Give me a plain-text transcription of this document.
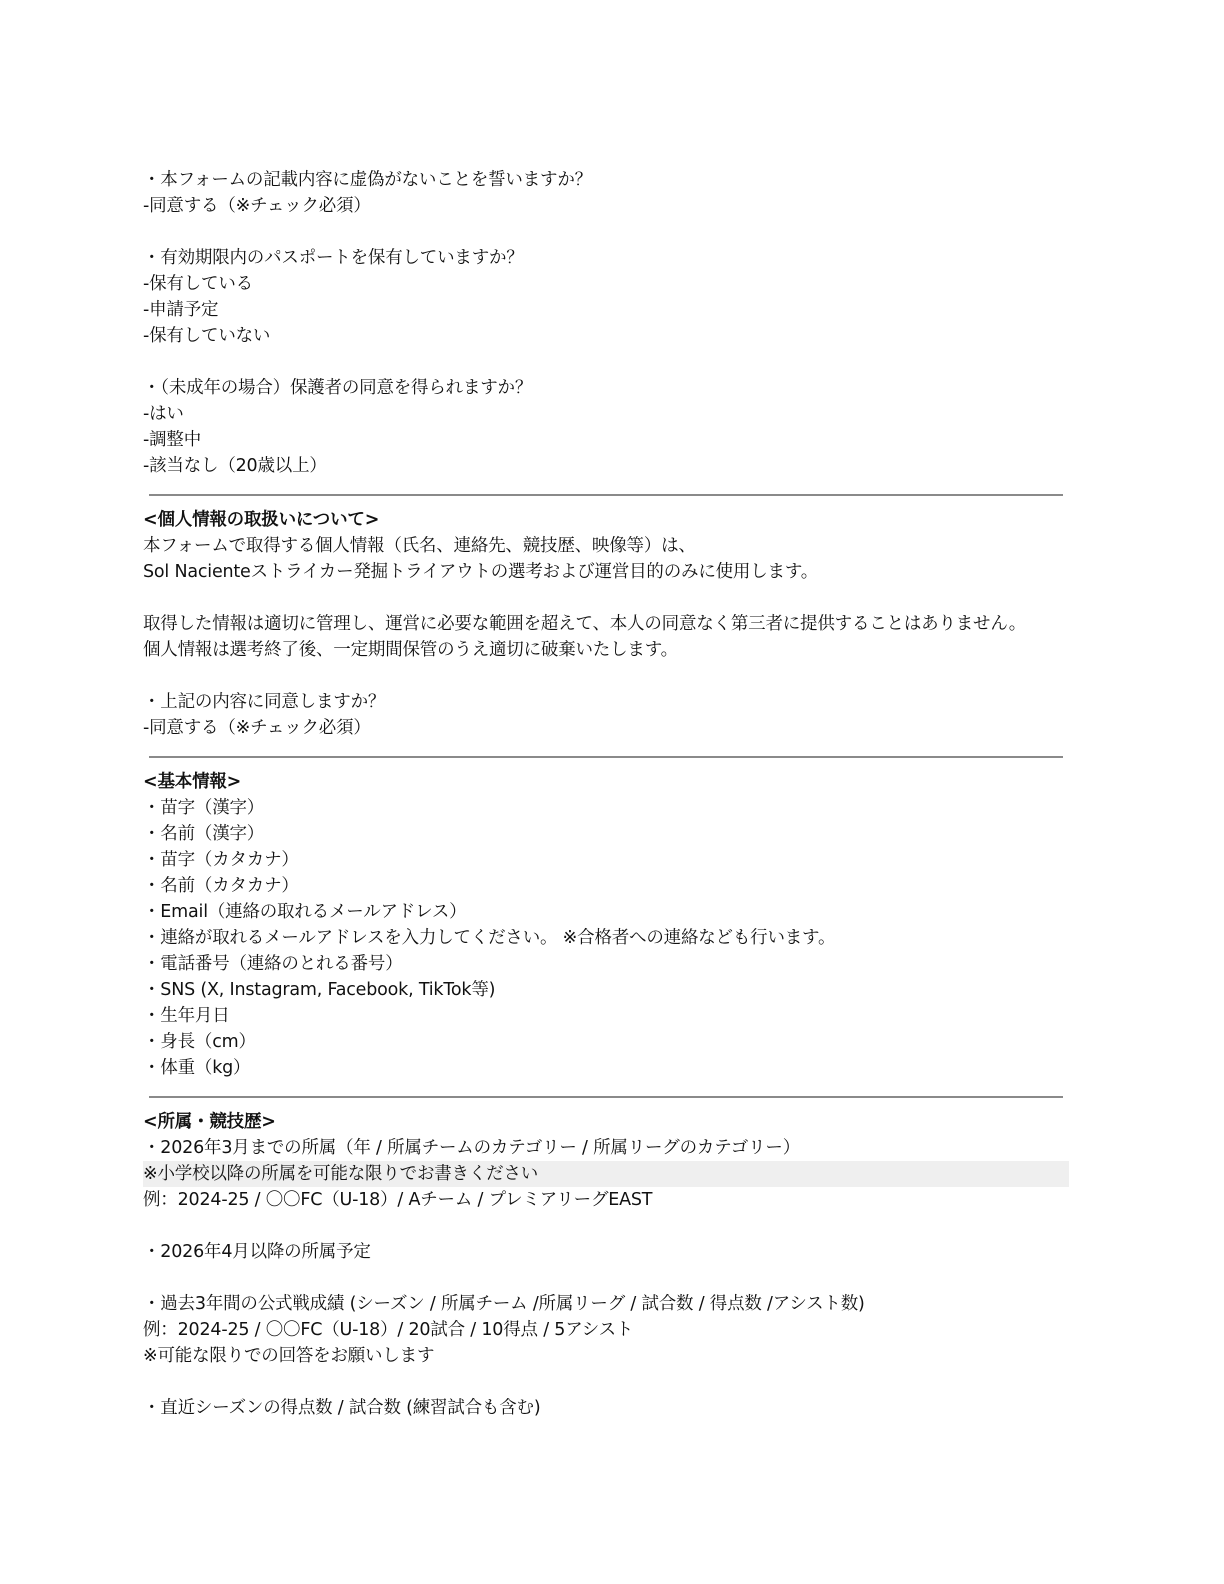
・本フォームの記載内容に虚偽がないことを誓いますか？
-同意する（※チェック必須）
・有効期限内のパスポートを保有していますか？
-保有している
-申請予定
-保有していない
・（未成年の場合）保護者の同意を得られますか？
-はい
-調整中
-該当なし（20歳以上）
<個人情報の取扱いについて>
本フォームで取得する個人情報（氏名、連絡先、競技歴、映像等）は、
Sol Nacienteストライカー発掘トライアウトの選考および運営目的のみに使用します。
取得した情報は適切に管理し、運営に必要な範囲を超えて、本人の同意なく第三者に提供することはありません。
個人情報は選考終了後、一定期間保管のうえ適切に破棄いたします。
・上記の内容に同意しますか？
-同意する（※チェック必須）
<基本情報>
・苗字（漢字）
・名前（漢字）
・苗字（カタカナ）
・名前（カタカナ）
・Email（連絡の取れるメールアドレス）
・連絡が取れるメールアドレスを入力してください。 ※合格者への連絡なども行います。
・電話番号（連絡のとれる番号）
・SNS (X, Instagram, Facebook, TikTok等)
・生年月日
・身長（cm）
・体重（kg）
<所属・競技歴>
・2026年3月までの所属（年 / 所属チームのカテゴリー / 所属リーグのカテゴリー）
※小学校以降の所属を可能な限りでお書きください
例：2024-25 / 〇〇FC（U-18）/ Aチーム / プレミアリーグEAST
・2026年4月以降の所属予定
・過去3年間の公式戦成績 (シーズン / 所属チーム /所属リーグ / 試合数 / 得点数 /アシスト数)
例：2024-25 / 〇〇FC（U-18）/ 20試合 / 10得点 / 5アシスト
※可能な限りでの回答をお願いします
・直近シーズンの得点数 / 試合数 (練習試合も含む)
